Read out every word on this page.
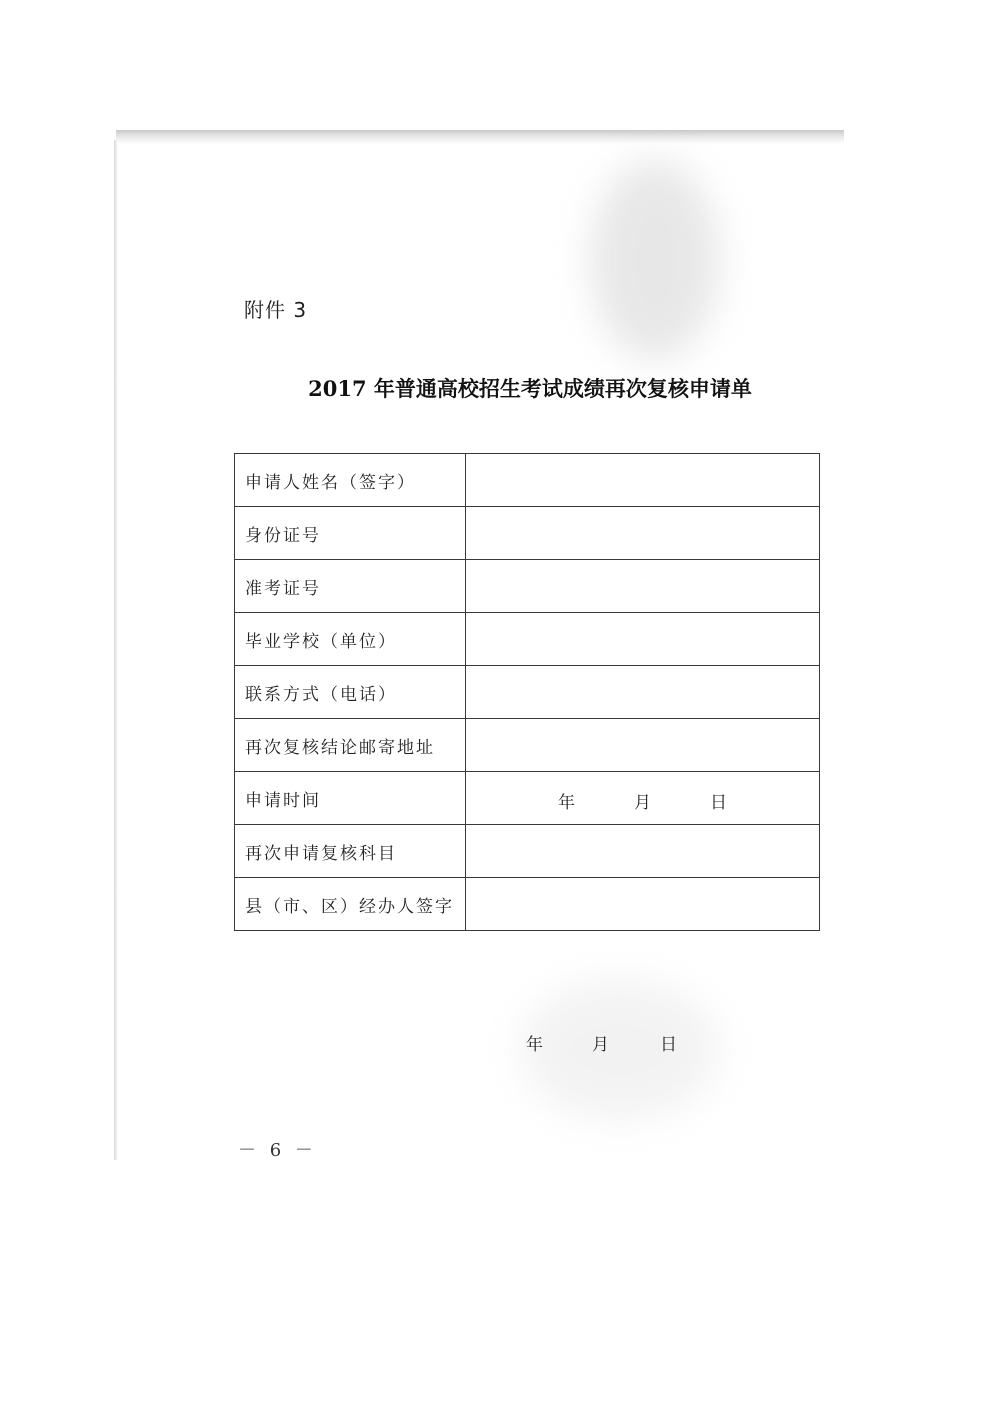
附件 3
2017 年普通高校招生考试成绩再次复核申请单
申请人姓名（签字）	
身份证号	
准考证号	
毕业学校（单位）	
联系方式（电话）	
再次复核结论邮寄地址	
申请时间	年 月 日

再次申请复核科目	
县（市、区）经办人签字	
年	月	日
－ 6 －
